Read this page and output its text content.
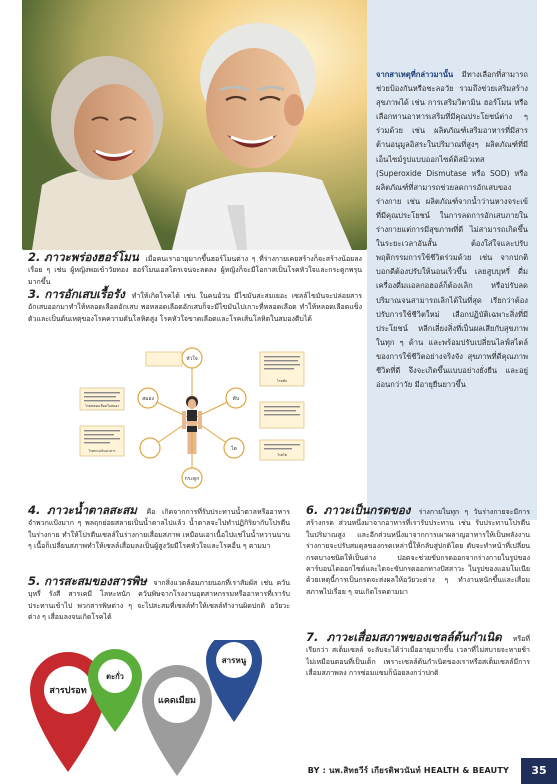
จากสาเหตุที่กล่าวมานั้น มีทางเลือกที่สามารถช่วยป้องกันหรือชะลอวัย รวมถึงช่วยเสริมสร้างสุขภาพได้ เช่น การเสริมวิตามิน ฮอร์โมน หรือเลือกทานอาหารเสริมที่มีคุณประโยชน์ต่าง ๆ ร่วมด้วย เช่น ผลิตภัณฑ์เสริมอาหารที่มีสารต้านอนุมูลอิสระในปริมาณที่สูงๆ ผลิตภัณฑ์ที่มีเอ็นไซม์รูปแบบออกไซด์ดิสมิวเทส (Superoxide Dismutase หรือ SOD) หรือผลิตภัณฑ์ที่สามารถช่วยลดการอักเสบของร่างกาย เช่น ผลิตภัณฑ์จากน้ำว่านหางจระเข้ ที่มีคุณประโยชน์ ในการลดการอักเสบภายในร่างกายแต่การมีสุขภาพที่ดี ไม่สามารถเกิดขึ้นในระยะเวลาอันสั้น ต้องใส่ใจและปรับพฤติกรรมการใช้ชีวิตร่วมด้วย เช่น จากปกติบอกดีต้องปรับให้นอนเร็วขึ้น เลยสูบบุหรี่ ดื่มเครื่องดื่มแอลกอฮอล์ก็ต้องเลิก หรือปรับลดปริมาณจนสามารถเลิกได้ในที่สุด เรียกว่าต้องปรับการใช้ชีวิตใหม่ เลือกปฏิบัติเฉพาะสิ่งที่มีประโยชน์ หลีกเลี่ยงสิ่งที่เป็นผลเสียกับสุขภาพในทุก ๆ ด้าน และพร้อมปรับเปลี่ยนไลฟ์สไตล์ของการใช้ชีวิตอย่างจริงจัง สุขภาพที่ดีคุณภาพชีวิตที่ดี จึงจะเกิดขึ้นแบบอย่างยั่งยืน และอยู่อ่อนกว่าวัย มีอายุยืนยาวขึ้น
2. ภาวะพร่องฮอร์โมน เมื่อคนเราอายุมากขึ้นฮอร์โมนต่าง ๆ ที่ร่างกายเคยสร้างก็จะสร้างน้อยลงเรื่อย ๆ เช่น ผู้หญิงพอเข้าวัยทอง ฮอร์โมนเอสโตรเจนจะลดลง ผู้หญิงก็จะมีโอกาสเป็นโรคหัวใจและกระดูกพรุนมากขึ้น
3. การอักเสบเรื้อรัง ทำให้เกิดโรคได้ เช่น ในคนอ้วน มีไขมันสะสมเยอะ เซลล์ไขมันจะปล่อยสารอักเสบออกมาทำให้หลอดเลือดอักเสบ พอหลอดเลือดอักเสบก็จะมีไขมันไปเกาะที่หลอดเลือด ทำให้หลอดเลือดแข็งตัวและเป็นต้นเหตุของโรคความดันโลหิตสูง โรคหัวใจขาดเลือดและโรคเส้นโลหิตในสมองตีบได้
หัวใจ
ตับ
สมอง
ไต
กระดูก
โรคหลอดเลือดในสมอง
โรคทางเดินอาหาร
โรคตับ
โรคไต
4. ภาวะน้ำตาลสะสม คือ เกิดจากการที่รับประทานน้ำตาลหรืออาหารจำพวกแป้งมาก ๆ พลฤกย่อยสลายเป็นน้ำตาลไปแล้ว น้ำตาลจะไปทำปฏิกิริยากับโปรตีนในร่างกาย ทำให้โปรตีนเซลล์ในร่างกายเสื่อมสภาพ เหมือนเอาเนื้อไปแช่ในน้ำหวานนาน ๆ เนื้อก็เปลี่ยนสภาพทำให้เซลล์เสื่อมลงเป็นผู้สูงวัยมีโรคหัวใจและโรคอื่น ๆ ตามมา
5. การสะสมของสารพิษ จากสิ่งแวดล้อมภายนอกที่เราสัมผัส เช่น ควันบุหรี่ รังสี สารเคมี โลหะหนัก ควันพิษจากโรงงานอุตสาหกรรมหรืออาหารที่เรารับประทานเข้าไป พวกสารพิษต่าง ๆ จะไปสะสมที่เซลล์ทำให้เซลล์ทำงานผิดปกติ อวัยวะต่าง ๆ เสื่อมลงจนเกิดโรคได้
6. ภาวะเป็นกรดของ ร่างกายในทุก ๆ วันร่างกายจะมีการสร้างกรด ส่วนหนึ่งมาจากอาหารที่เรารับประทาน เช่น รับประทานโปรตีนในปริมาณสูง และอีกส่วนหนึ่งมาจากการเผาผลาญอาหารให้เป็นพลังงาน ร่างกายจะปรับสมดุลของกรดเหล่านี้ให้กลับสู่ปกติโดย ตับจะทำหน้าที่เปลี่ยนกรดบางชนิดให้เป็นด่าง ปอดจะช่วยขับกรดออกจากร่างกายในรูปของคาร์บอนไดออกไซด์และไตจะขับกรดออกทางปัสสาวะ ในรูปของแอมโมเนีย ด้วยเหตุนี้การเป็นกรดจะส่งผลให้อวัยวะต่าง ๆ ทำงานหนักขึ้นและเสื่อมสภาพไปเรื่อย ๆ จนเกิดโรคตามมา
7. ภาวะเสื่อมสภาพของเซลล์ต้นกำเนิด หรือที่เรียกว่า สเต็มเซลล์ จะลับจะได้ว่าเมื่ออายุมากขึ้น เวลาที่ไม่สบายจะหายช้า ไม่เหมือนตอนที่เป็นเด็ก เพราะเซลล์ต้นกำเนิดของเราหรือสเต็มเซลล์มีการเสื่อมสภาพลง การซ่อมแซมก็น้อยลงกว่าปกติ
สารปรอท
ตะกั่ว
แคดเมียม
สารหนู
BY : นพ.สิทธวีร์ เกียรติพวนันท์ HEALTH & BEAUTY	35
